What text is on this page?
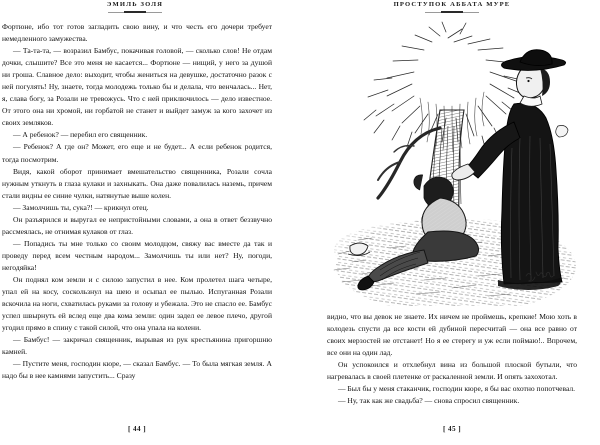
ЭМИЛЬ ЗОЛЯ

Фортюне, ибо тот готов загладить свою вину, и что честь его дочери требует немедленного замужества.

— Та-та-та, — возразил Бамбус, покачивая головой, — сколько слов! Не отдам дочки, слышите? Все это меня не касается... Фортюне — нищий, у него за душой ни гроша. Славное дело: выходит, чтобы жениться на девушке, достаточно разок с ней погулять! Ну, знаете, тогда молодежь только бы и делала, что венчалась... Нет, я, слава богу, за Розали не тревожусь. Что с ней приключилось — дело известное. От этого она ни хромой, ни горбатой не станет и выйдет замуж за кого захочет из своих земляков.

— А ребенок? — перебил его священник.

— Ребенок? А где он? Может, его еще и не будет... А если ребенок родится, тогда посмотрим.

Видя, какой оборот принимает вмешательство священника, Розали сочла нужным уткнуть в глаза кулаки и захныкать. Она даже повалилась наземь, причем стали видны ее синие чулки, натянутые выше колен.

— Замолчишь ты, сука?! — крикнул отец.

Он разъярился и выругал ее непристойными словами, а она в ответ беззвучно рассмеялась, не отнимая кулаков от глаз.

— Попадись ты мне только со своим молодцом, свяжу вас вместе да так и проведу перед всем честным народом... Замолчишь ты или нет? Ну, погоди, негодяйка!

Он поднял ком земли и с силою запустил в нее. Ком пролетел шага четыре, упал ей на косу, соскользнул на шею и осыпал ее пылью. Испуганная Розали вскочила на ноги, схватилась руками за голову и убежала. Это не спасло ее. Бамбус успел швырнуть ей вслед еще два кома земли: один задел ее левое плечо, другой угодил прямо в спину с такой силой, что она упала на колени.

— Бамбус! — закричал священник, вырывая из рук крестьянина пригоршню камней.

— Пустите меня, господин кюре, — сказал Бамбус. — То была мягкая земля. А надо бы в нее камнями запустить... Сразу

[ 44 ]
ПРОСТУПОК АББАТА МУРЕ

видно, что вы девок не знаете. Их ничем не проймешь, крепкие! Мою хоть в колодезь спусти да все кости ей дубиной пересчитай — она все равно от своих мерзостей не отстанет! Но я ее стерегу и уж если поймаю!.. Впрочем, все они на один лад.

Он успокоился и отхлебнул вина из большой плоской бутыли, что нагревалась в своей плетенке от раскаленной земли. И опять захохотал.

— Был бы у меня стаканчик, господин кюре, я бы вас охотно попотчевал.

— Ну, так как же свадьба? — снова спросил священник.

[ 45 ]
